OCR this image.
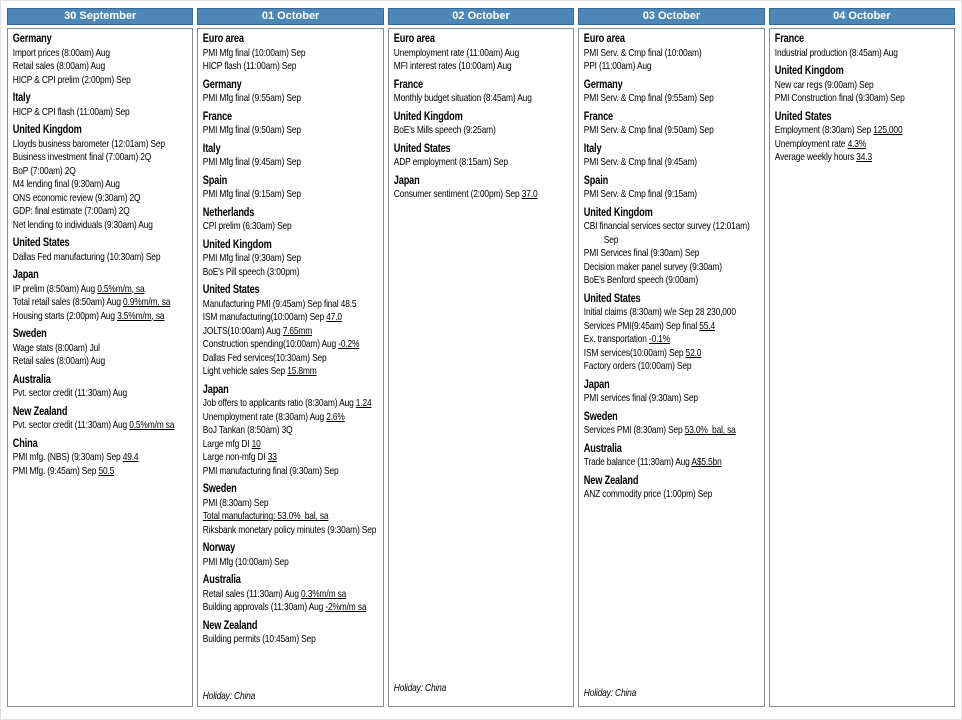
30 September
Germany
Import prices (8:00am) Aug
Retail sales (8:00am) Aug
HICP & CPI prelim (2:00pm) Sep
Italy
HICP & CPI flash (11:00am) Sep
United Kingdom
Lloyds business barometer (12:01am) Sep
Business investment final (7:00am) 2Q
BoP (7:00am) 2Q
M4 lending final (9:30am) Aug
ONS economic review (9:30am) 2Q
GDP: final estimate (7:00am) 2Q
Net lending to individuals (9:30am) Aug
United States
Dallas Fed manufacturing (10:30am) Sep
Japan
IP prelim (8:50am) Aug 0.5%m/m, sa
Total retail sales (8:50am) Aug 0.9%m/m, sa
Housing starts (2:00pm) Aug 3.5%m/m, sa
Sweden
Wage stats (8:00am) Jul
Retail sales (8:00am) Aug
Australia
Pvt. sector credit (11:30am) Aug
New Zealand
Pvt. sector credit (11:30am) Aug 0.5%m/m sa
China
PMI mfg. (NBS) (9:30am) Sep 49.4
PMI Mfg. (9:45am) Sep 50.5
01 October
Euro area
PMI Mfg final (10:00am) Sep
HICP flash (11:00am) Sep
Germany
PMI Mfg final (9:55am) Sep
France
PMI Mfg final (9:50am) Sep
Italy
PMI Mfg final (9:45am) Sep
Spain
PMI Mfg final (9:15am) Sep
Netherlands
CPI prelim (6:30am) Sep
United Kingdom
PMI Mfg final (9:30am) Sep
BoE's Pill speech (3:00pm)
United States
Manufacturing PMI (9:45am) Sep final 48.5
ISM manufacturing(10:00am) Sep 47.0
JOLTS(10:00am) Aug 7.65mm
Construction spending(10:00am) Aug -0.2%
Dallas Fed services(10:30am) Sep
Light vehicle sales Sep 15.8mm
Japan
Job offers to applicants ratio (8:30am) Aug 1.24
Unemployment rate (8:30am) Aug 2.6%
BoJ Tankan (8:50am) 3Q
Large mfg DI 10
Large non-mfg DI 33
PMI manufacturing final (9:30am) Sep
Sweden
PMI (8:30am) Sep
Total manufacturing: 53.0%  bal, sa
Riksbank monetary policy minutes (9:30am) Sep
Norway
PMI Mfg (10:00am) Sep
Australia
Retail sales (11:30am) Aug 0.3%m/m sa
Building approvals (11:30am) Aug -2%m/m sa
New Zealand
Building permits (10:45am) Sep
Holiday: China
02 October
Euro area
Unemployment rate (11:00am) Aug
MFI interest rates (10:00am) Aug
France
Monthly budget situation (8:45am) Aug
United Kingdom
BoE's Mills speech (9:25am)
United States
ADP employment (8:15am) Sep
Japan
Consumer sentiment (2:00pm) Sep 37.0
Holiday: China
03 October
Euro area
PMI Serv. & Cmp final (10:00am)
PPI (11:00am) Aug
Germany
PMI Serv. & Cmp final (9:55am) Sep
France
PMI Serv. & Cmp final (9:50am) Sep
Italy
PMI Serv. & Cmp final (9:45am)
Spain
PMI Serv. & Cmp final (9:15am)
United Kingdom
CBI financial services sector survey (12:01am) Sep
PMI Services final (9:30am) Sep
Decision maker panel survey (9:30am)
BoE's Benford speech (9:00am)
United States
Initial claims (8:30am) w/e Sep 28 230,000
Services PMI(9:45am) Sep final 55.4
Ex. transportation -0.1%
ISM services(10:00am) Sep 52.0
Factory orders (10:00am) Sep
Japan
PMI services final (9:30am) Sep
Sweden
Services PMI (8:30am) Sep 53.0%  bal, sa
Australia
Trade balance (11:30am) Aug A$5.5bn
New Zealand
ANZ commodity price (1:00pm) Sep
Holiday: China
04 October
France
Industrial production (8:45am) Aug
United Kingdom
New car regs (9:00am) Sep
PMI Construction final (9:30am) Sep
United States
Employment (8:30am) Sep 125,000
Unemployment rate 4.3%
Average weekly hours 34.3
